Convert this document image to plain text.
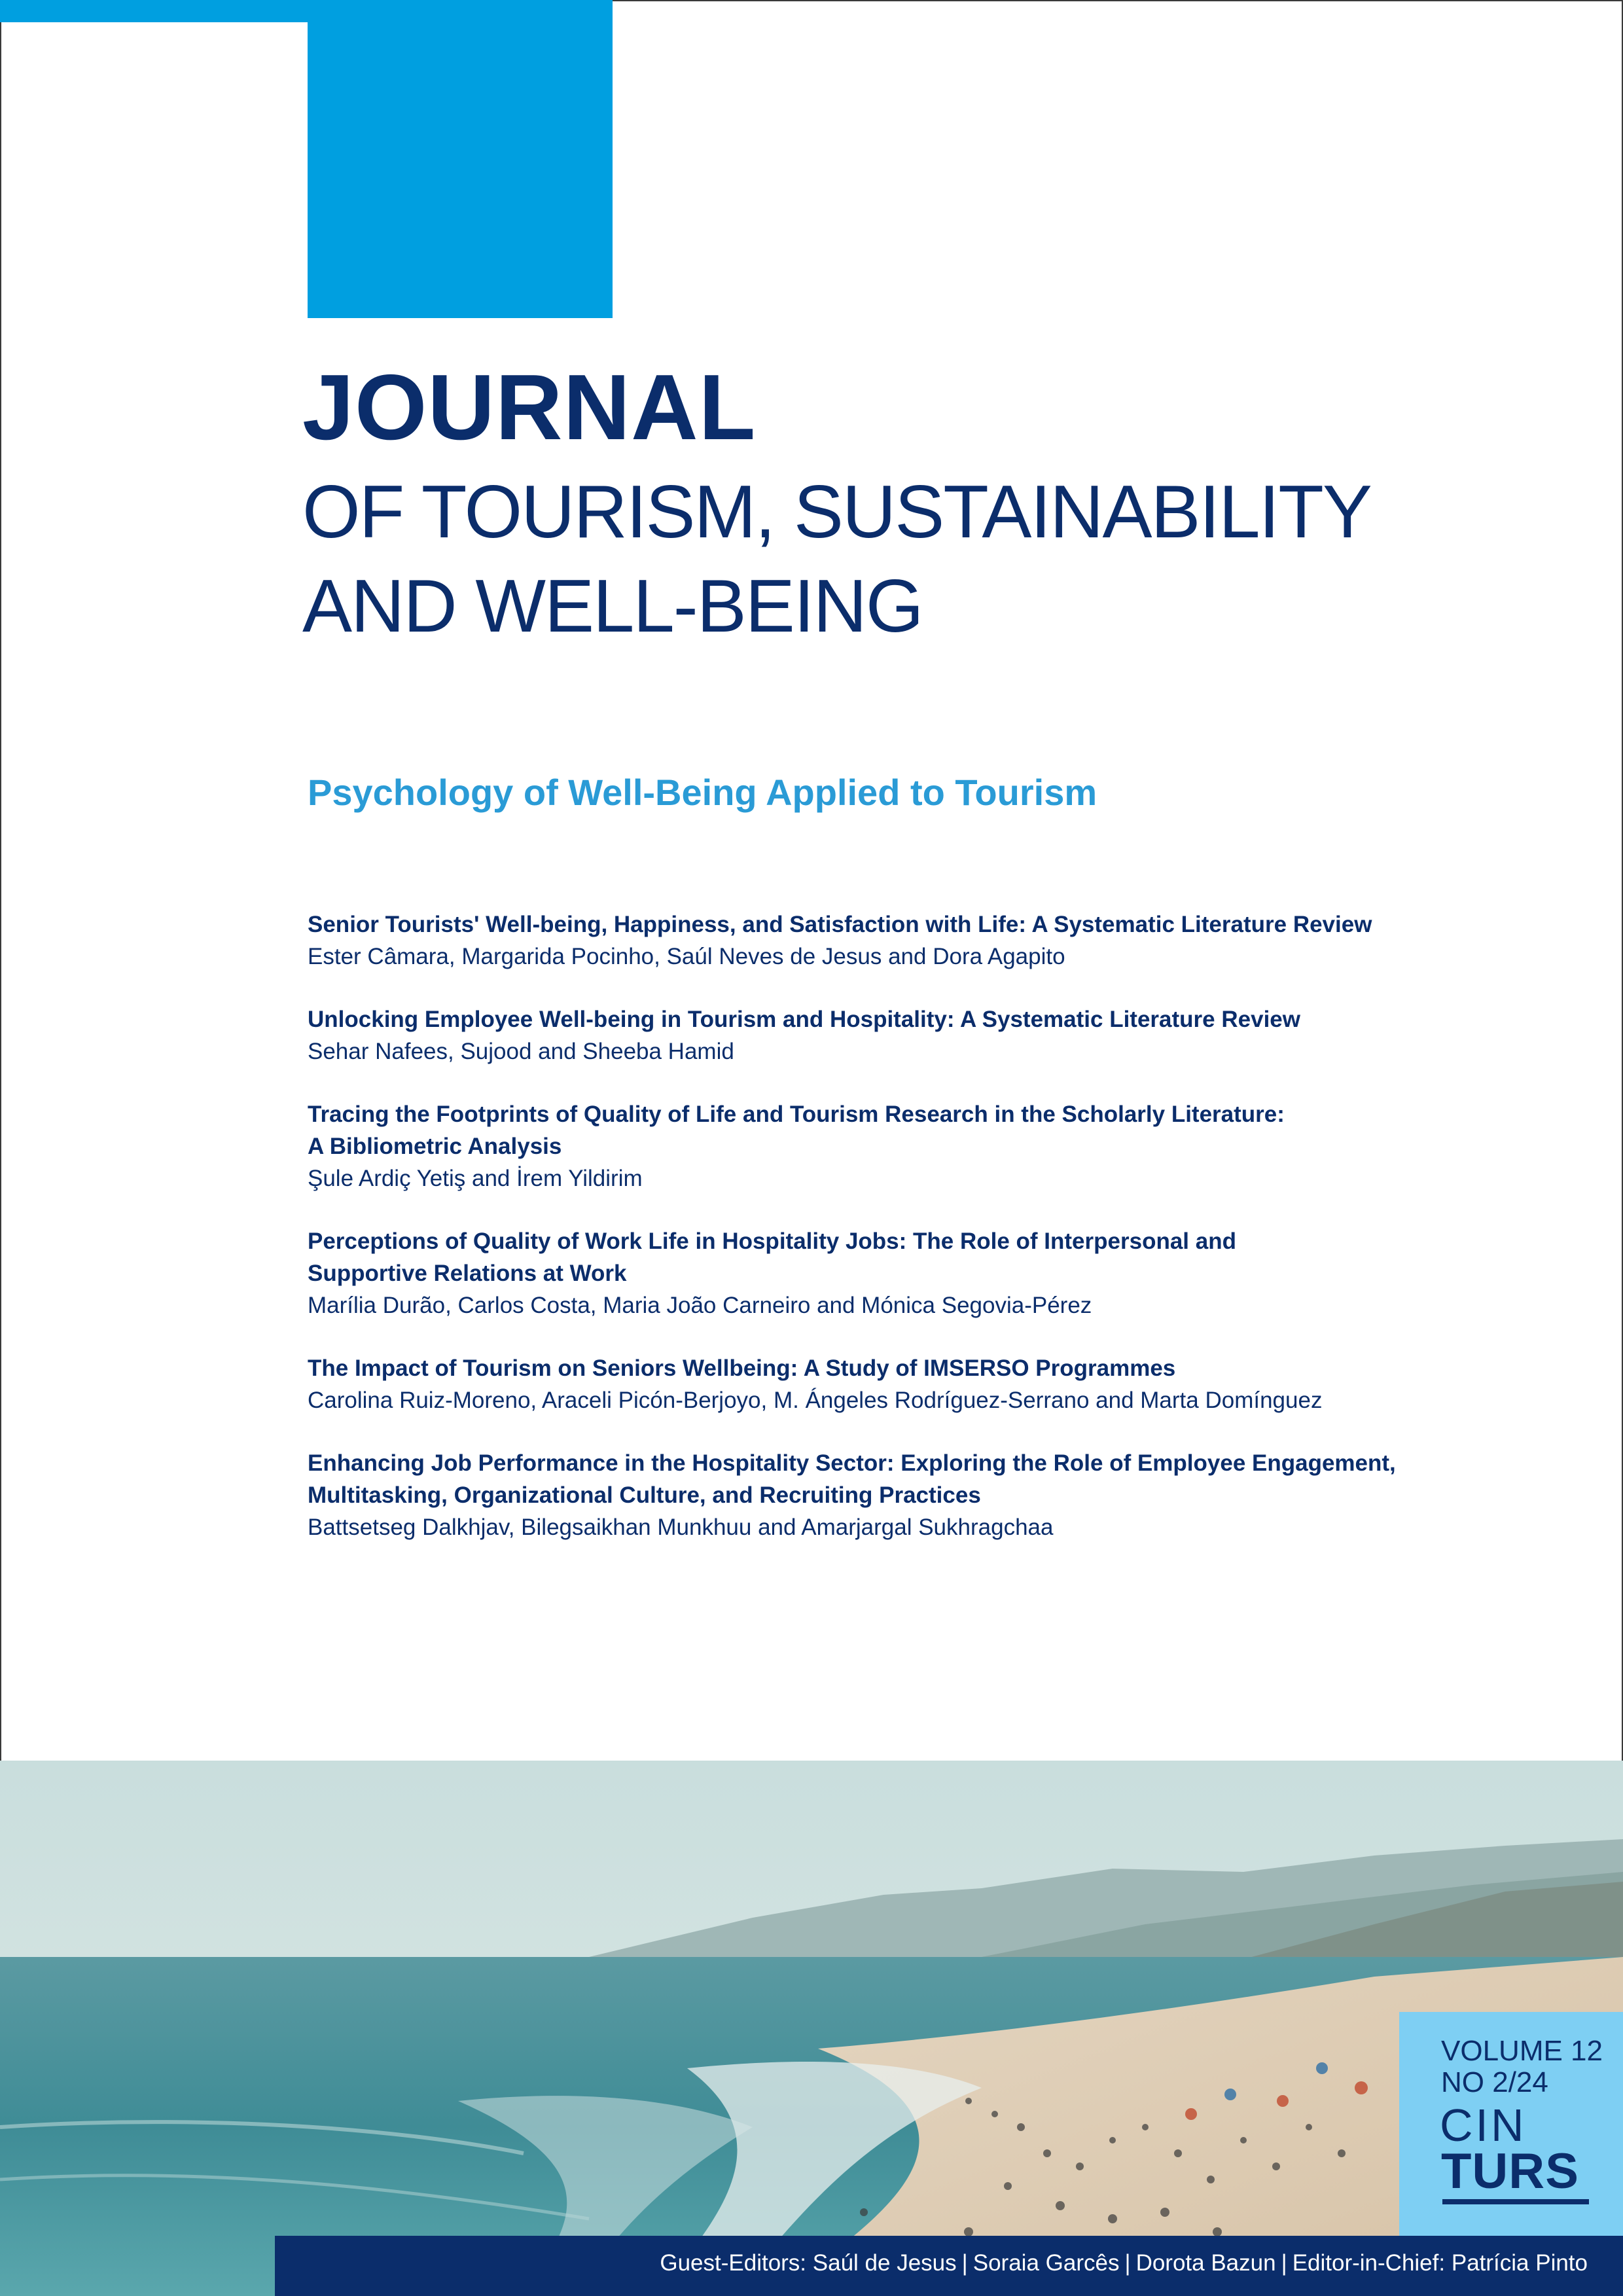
JOURNAL
OF TOURISM, SUSTAINABILITY
AND WELL-BEING
Psychology of Well-Being Applied to Tourism
Senior Tourists' Well-being, Happiness, and Satisfaction with Life: A Systematic Literature Review
Ester Câmara, Margarida Pocinho, Saúl Neves de Jesus and Dora Agapito
Unlocking Employee Well-being in Tourism and Hospitality: A Systematic Literature Review
Sehar Nafees, Sujood and Sheeba Hamid
Tracing the Footprints of Quality of Life and Tourism Research in the Scholarly Literature:
A Bibliometric Analysis
Şule Ardiç Yetiş and İrem Yildirim
Perceptions of Quality of Work Life in Hospitality Jobs: The Role of Interpersonal and
Supportive Relations at Work
Marília Durão, Carlos Costa, Maria João Carneiro and Mónica Segovia-Pérez
The Impact of Tourism on Seniors Wellbeing: A Study of IMSERSO Programmes
Carolina Ruiz-Moreno, Araceli Picón-Berjoyo, M. Ángeles Rodríguez-Serrano and Marta Domínguez
Enhancing Job Performance in the Hospitality Sector: Exploring the Role of Employee Engagement,
Multitasking, Organizational Culture, and Recruiting Practices
Battsetseg Dalkhjav, Bilegsaikhan Munkhuu and Amarjargal Sukhragchaa
VOLUME 12
NO 2/24
CIN
TURS
Guest-Editors: Saúl de Jesus | Soraia Garcês | Dorota Bazun | Editor-in-Chief: Patrícia Pinto
